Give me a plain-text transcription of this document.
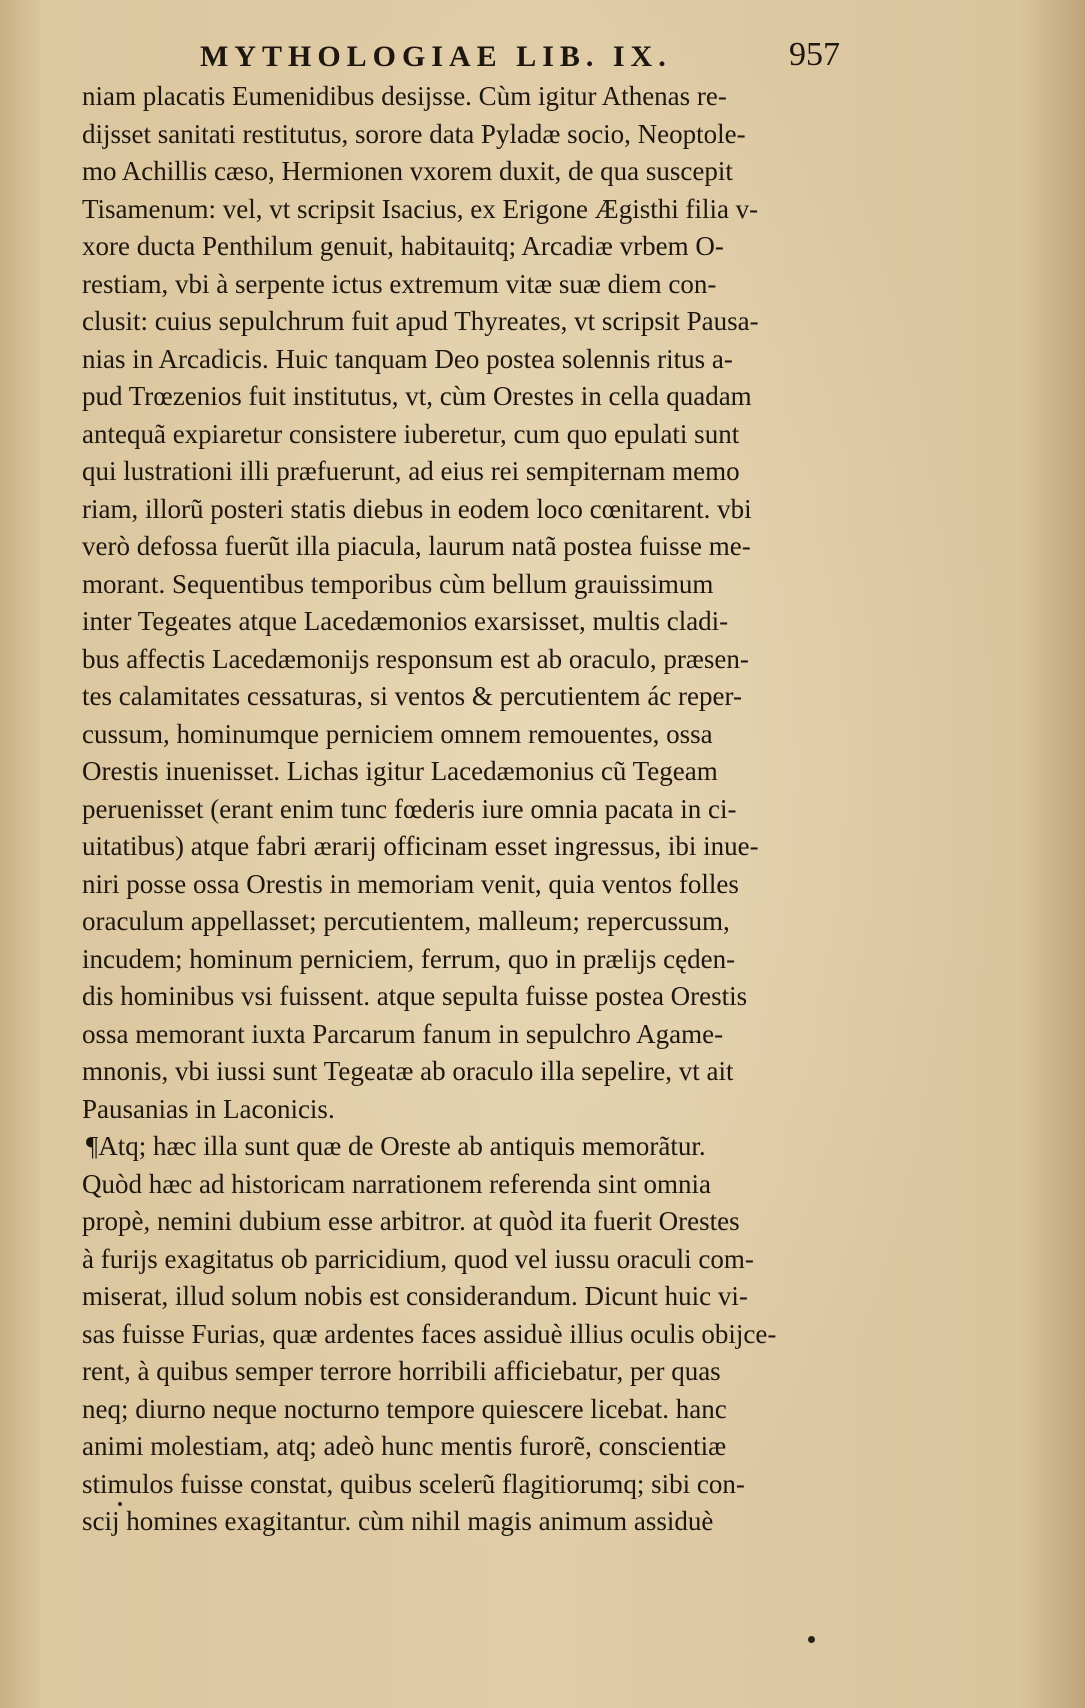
MYTHOLOGIAE LIB. IX.	957
niam placatis Eumenidibus desijsse. Cùm igitur Athenas re-
dijsset sanitati restitutus, sorore data Pyladæ socio, Neoptole-
mo Achillis cæso, Hermionen vxorem duxit, de qua suscepit
Tisamenum: vel, vt scripsit Isacius, ex Erigone Ægisthi filia v-
xore ducta Penthilum genuit, habitauitq; Arcadiæ vrbem O-
restiam, vbi à serpente ictus extremum vitæ suæ diem con-
clusit: cuius sepulchrum fuit apud Thyreates, vt scripsit Pausa-
nias in Arcadicis. Huic tanquam Deo postea solennis ritus a-
pud Trœzenios fuit institutus, vt, cùm Orestes in cella quadam
antequã expiaretur consistere iuberetur, cum quo epulati sunt
qui lustrationi illi præfuerunt, ad eius rei sempiternam memo
riam, illorũ posteri statis diebus in eodem loco cœnitarent. vbi
verò defossa fuerũt illa piacula, laurum natã postea fuisse me-
morant. Sequentibus temporibus cùm bellum grauissimum
inter Tegeates atque Lacedæmonios exarsisset, multis cladi-
bus affectis Lacedæmonijs responsum est ab oraculo, præsen-
tes calamitates cessaturas, si ventos & percutientem ác reper-
cussum, hominumque perniciem omnem remouentes, ossa
Orestis inuenisset. Lichas igitur Lacedæmonius cũ Tegeam
peruenisset (erant enim tunc fœderis iure omnia pacata in ci-
uitatibus) atque fabri ærarij officinam esset ingressus, ibi inue-
niri posse ossa Orestis in memoriam venit, quia ventos folles
oraculum appellasset; percutientem, malleum; repercussum,
incudem; hominum perniciem, ferrum, quo in prælijs cęden-
dis hominibus vsi fuissent. atque sepulta fuisse postea Orestis
ossa memorant iuxta Parcarum fanum in sepulchro Agame-
mnonis, vbi iussi sunt Tegeatæ ab oraculo illa sepelire, vt ait
Pausanias in Laconicis.
¶Atq; hæc illa sunt quæ de Oreste ab antiquis memorãtur.
Quòd hæc ad historicam narrationem referenda sint omnia
propè, nemini dubium esse arbitror. at quòd ita fuerit Orestes
à furijs exagitatus ob parricidium, quod vel iussu oraculi com-
miserat, illud solum nobis est considerandum. Dicunt huic vi-
sas fuisse Furias, quæ ardentes faces assiduè illius oculis obijce-
rent, à quibus semper terrore horribili afficiebatur, per quas
neq; diurno neque nocturno tempore quiescere licebat. hanc
animi molestiam, atq; adeò hunc mentis furorẽ, conscientiæ
stimulos fuisse constat, quibus scelerũ flagitiorumq; sibi con-
scij homines exagitantur. cùm nihil magis animum assiduè
